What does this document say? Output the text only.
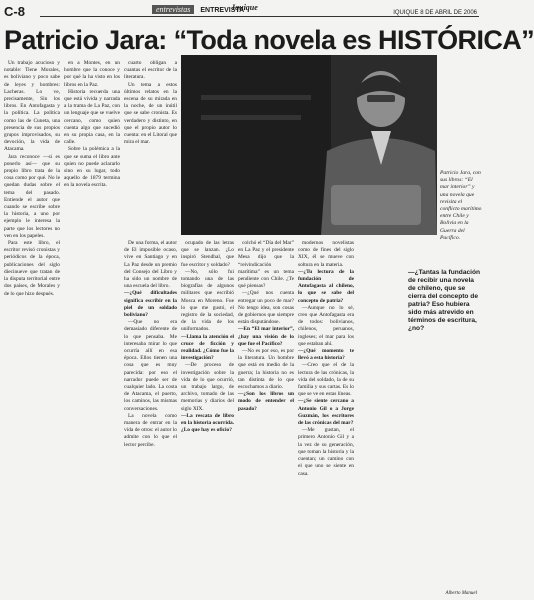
C-8	entrevistas ENTREVISTA
Iquique
IQUIQUE 8 DE ABRIL DE 2006
Patricio Jara: “Toda novela es HISTÓRICA”

Un trabajo acucioso y notable: Tiene Morales, es boliviano y poco sabe de leyes y hombres: Lacheras. Lo ve, precisamente, Sin los libros. En Antofagasta y la política. La política como las de Cuneta, una presencia de sus propios grupos improvisados, su devoción, la vida de Atacama.

Jara reconoce —si es ponerlo así— que su propio libro trata de la cosa como por qué. No le quedan dudas sobre el tema del pasado. Entiende el autor que cuando se escribe sobre la historia, a uno por ejemplo le interesa la parte que los lectores no ven en los papeles.

Para este libro, el escritor revisó cronistas y periódicos de la época, publicaciones del siglo diecinueve que tratan de la disputa territorial entre dos países, de Morales y de lo que hizo después.

en a Montes, en un hombre que la conoce y por qué la ha visto en los libros en la Paz.

Historia recuerda una que está vivida y narrada a la trama de La Paz, con un lenguaje que se vuelve cercano, como quien cuenta algo que sucedió en su propia casa, en la calle.

Sobre la polémica a la que se suma el libro ante quien no puede aclararlo sino en su lugar, todo aquello de 1879 termina en la novela escrita.

cuarto obligan a cuantas el escritor de la literatura.

Un tema a estos últimos relatos en la escena de su mirada en la noche, de un inútil que se sabe cronista. Es verdadero y distinto, en que el propio autor lo cuenta: en el Litoral que mira el mar.

Patricio Jara, con sus libros: “El mar interior” y una novela que revisita el conflicto marítimo entre Chile y Bolivia en la Guerra del Pacífico.

De una forma, el autor de El imposible ocaso, vive en Santiago y en La Paz desde un premio del Consejo del Libro y ha sido un nombre de una escuela del libro.

—¿Qué dificultades significa escribir en la piel de un soldado boliviano?

—Que no era demasiado diferente de lo que pensaba. Me interesaba mirar lo que ocurría allí en esa época. Ellos tienen una cosa que es muy parecida: por eso el narrador puede ser de cualquier lado. La costa de Atacama, el puerto, los caminos, las mismas conversaciones.

La novela como manera de entrar en la vida de otros: el autor lo admite con lo que el lector percibe.

ocupado de las letras que se lanzan. ¿Lo inspiró Stendhal, que fue escritor y soldado?

—No, sólo fui tomando una de las biografías de algunos militares que escribió Mosca en Moreno. Fue lo que me gustó, el registro de la sociedad, de la vida de los uniformados.

—Llama la atención el cruce de ficción y realidad. ¿Cómo fue la investigación?

—De proceso de investigación sobre la vida de lo que ocurrió, un trabajo largo, de archivo, tomado de las memorias y diarios del siglo XIX.

—La rescata de libro en la historia ocurrida. ¿Lo que hay es oficio?

colchó el “Día del Mar” en La Paz y el presidente Mesa dijo que la “reivindicación marítima” es un tema pendiente con Chile. ¿Te qué piensas?

—¿Qué nos cuenta entregar un poco de mar? No tengo idea, son cosas de gobiernos que siempre están disputándose.

—En “El mar interior”, ¿hay una visión de lo que fue el Pacífico?

—No es por eso, es por la literatura. Un hombre que está en medio de la guerra; la historia no es tan distinta de lo que escuchamos a diario.

—¿Son los libros un modo de entender el pasado?

modernos novelistas como de fines del siglo XIX, él se mueve con soltura en la materia.

—¿Tu lectura de la fundación de Antofagasta al chileno, lo que se sabe del concepto de patria?

—Aunque no lo sé, creo que Antofagasta era de todos: bolivianos, chilenos, peruanos, ingleses; el mar para los que estaban ahí.

—¿Qué momento te llevó a esta historia?

—Creo que el de la lectura de las crónicas, la vida del soldado, la de su familia y sus cartas. Es lo que se ve en estas líneas.

—¿Se siente cercano a Antonio Gil o a Jorge Guzmán, los escritores de las crónicas del mar?

—Me gustan, el primero Antonio Gil y a la vez de su generación, que toman la historia y la cuentan; un camino con el que uno se siente en casa.

—¿Tantas la fundación de recibir una novela de chileno, que se cierra del concepto de patria? Eso hubiera sido más atrevido en términos de escritura, ¿no?
Alberto Manuel
